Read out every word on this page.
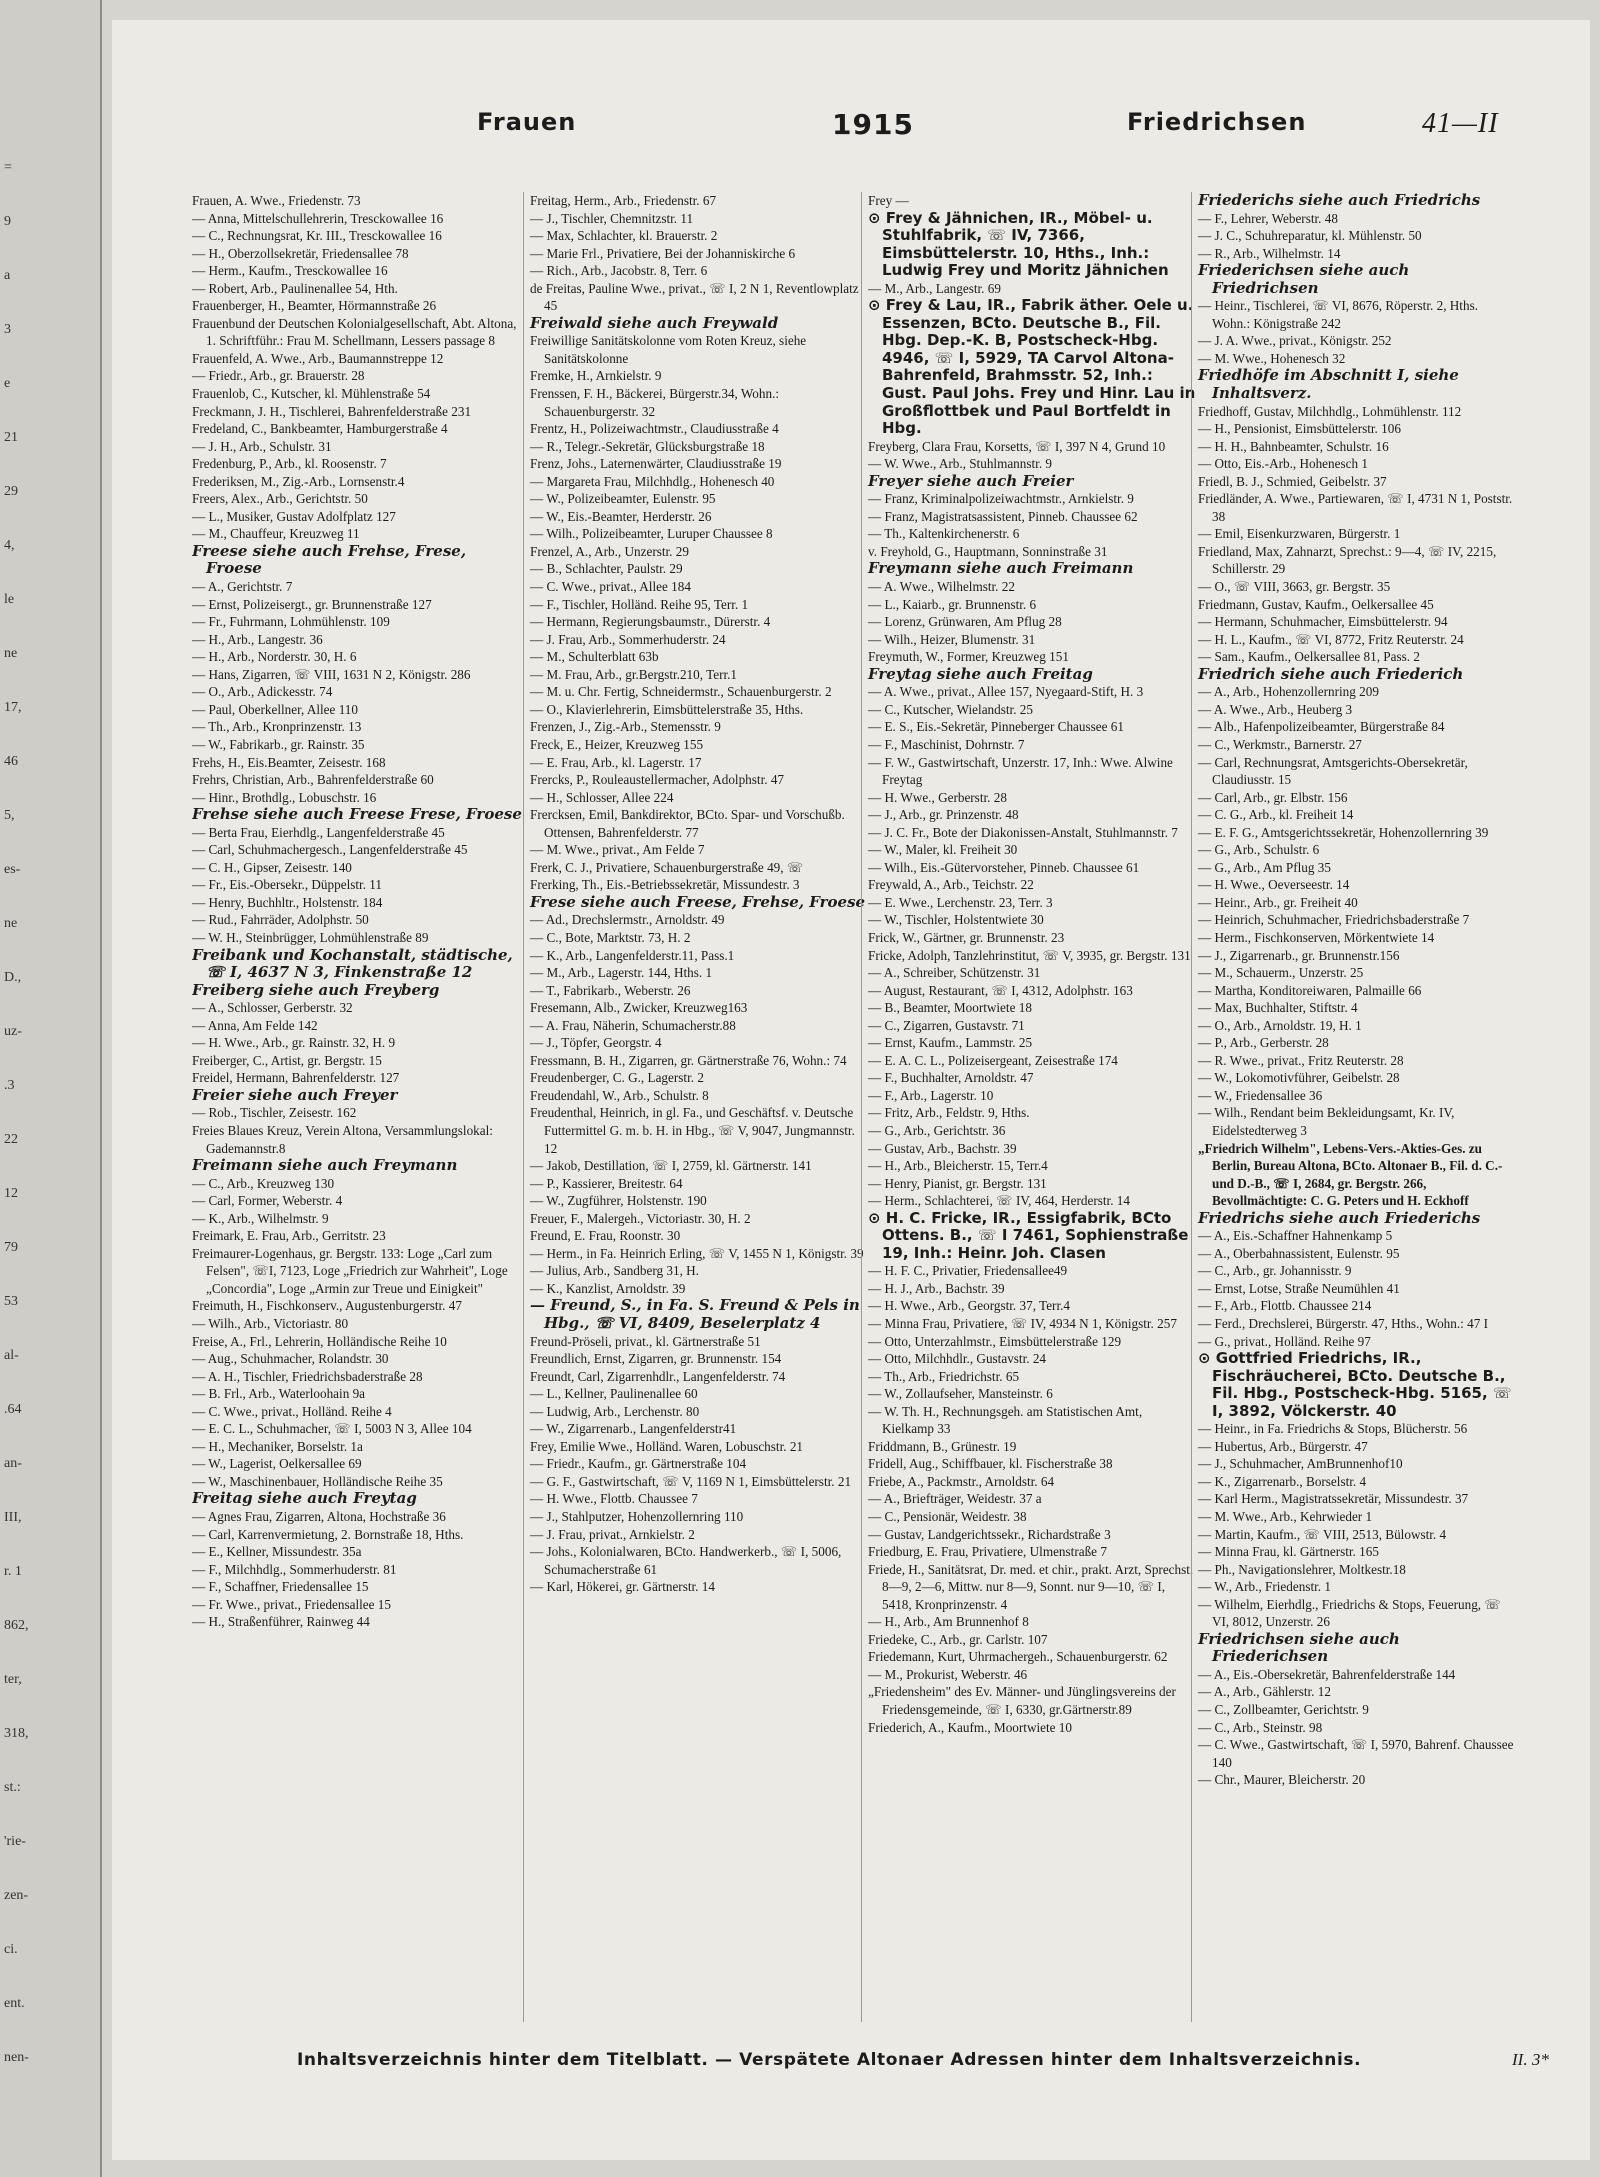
=
9
a
3
e
21
29
4,
le
ne
17,
46
5,
es-
ne
D.,
uz-
.3
22
12
79
53
al-
.64
an-
III,
r. 1
862,
ter,
318,
st.:
'rie-
zen-
ci.
ent.
nen-
Frauen	1915	Friedrichsen	41—II

Frauen, A. Wwe., Friedenstr. 73

— Anna, Mittelschullehrerin, Tresckowallee 16

— C., Rechnungsrat, Kr. III., Tresckowallee 16

— H., Oberzollsekretär, Friedensallee 78

— Herm., Kaufm., Tresckowallee 16

— Robert, Arb., Paulinenallee 54, Hth.

Frauenberger, H., Beamter, Hörmannstraße 26

Frauenbund der Deutschen Kolonialgesellschaft, Abt. Altona, 1. Schriftführ.: Frau M. Schellmann, Lessers passage 8

Frauenfeld, A. Wwe., Arb., Baumannstreppe 12

— Friedr., Arb., gr. Brauerstr. 28

Frauenlob, C., Kutscher, kl. Mühlenstraße 54

Freckmann, J. H., Tischlerei, Bahrenfelderstraße 231

Fredeland, C., Bankbeamter, Hamburgerstraße 4

— J. H., Arb., Schulstr. 31

Fredenburg, P., Arb., kl. Roosenstr. 7

Frederiksen, M., Zig.-Arb., Lornsenstr.4

Freers, Alex., Arb., Gerichtstr. 50

— L., Musiker, Gustav Adolfplatz 127

— M., Chauffeur, Kreuzweg 11

Freese siehe auch Frehse, Frese, Froese

— A., Gerichtstr. 7

— Ernst, Polizeisergt., gr. Brunnenstraße 127

— Fr., Fuhrmann, Lohmühlenstr. 109

— H., Arb., Langestr. 36

— H., Arb., Norderstr. 30, H. 6

— Hans, Zigarren, ☏ VIII, 1631 N 2, Königstr. 286

— O., Arb., Adickesstr. 74

— Paul, Oberkellner, Allee 110

— Th., Arb., Kronprinzenstr. 13

— W., Fabrikarb., gr. Rainstr. 35

Frehs, H., Eis.Beamter, Zeisestr. 168

Frehrs, Christian, Arb., Bahrenfelderstraße 60

— Hinr., Brothdlg., Lobuschstr. 16

Frehse siehe auch Freese Frese, Froese

— Berta Frau, Eierhdlg., Langenfelderstraße 45

— Carl, Schuhmachergesch., Langenfelderstraße 45

— C. H., Gipser, Zeisestr. 140

— Fr., Eis.-Obersekr., Düppelstr. 11

— Henry, Buchhltr., Holstenstr. 184

— Rud., Fahrräder, Adolphstr. 50

— W. H., Steinbrügger, Lohmühlenstraße 89

Freibank und Kochanstalt, städtische, ☏ I, 4637 N 3, Finkenstraße 12

Freiberg siehe auch Freyberg

— A., Schlosser, Gerberstr. 32

— Anna, Am Felde 142

— H. Wwe., Arb., gr. Rainstr. 32, H. 9

Freiberger, C., Artist, gr. Bergstr. 15

Freidel, Hermann, Bahrenfelderstr. 127

Freier siehe auch Freyer

— Rob., Tischler, Zeisestr. 162

Freies Blaues Kreuz, Verein Altona, Versammlungslokal: Gademannstr.8

Freimann siehe auch Freymann

— C., Arb., Kreuzweg 130

— Carl, Former, Weberstr. 4

— K., Arb., Wilhelmstr. 9

Freimark, E. Frau, Arb., Gerritstr. 23

Freimaurer-Logenhaus, gr. Bergstr. 133: Loge „Carl zum Felsen", ☏I, 7123, Loge „Friedrich zur Wahrheit", Loge „Concordia", Loge „Armin zur Treue und Einigkeit"

Freimuth, H., Fischkonserv., Augustenburgerstr. 47

— Wilh., Arb., Victoriastr. 80

Freise, A., Frl., Lehrerin, Holländische Reihe 10

— Aug., Schuhmacher, Rolandstr. 30

— A. H., Tischler, Friedrichsbaderstraße 28

— B. Frl., Arb., Waterloohain 9a

— C. Wwe., privat., Holländ. Reihe 4

— E. C. L., Schuhmacher, ☏ I, 5003 N 3, Allee 104

— H., Mechaniker, Borselstr. 1a

— W., Lagerist, Oelkersallee 69

— W., Maschinenbauer, Holländische Reihe 35

Freitag siehe auch Freytag

— Agnes Frau, Zigarren, Altona, Hochstraße 36

— Carl, Karrenvermietung, 2. Bornstraße 18, Hths.

— E., Kellner, Missundestr. 35a

— F., Milchhdlg., Sommerhuderstr. 81

— F., Schaffner, Friedensallee 15

— Fr. Wwe., privat., Friedensallee 15

— H., Straßenführer, Rainweg 44

Freitag, Herm., Arb., Friedenstr. 67

— J., Tischler, Chemnitzstr. 11

— Max, Schlachter, kl. Brauerstr. 2

— Marie Frl., Privatiere, Bei der Johanniskirche 6

— Rich., Arb., Jacobstr. 8, Terr. 6

de Freitas, Pauline Wwe., privat., ☏ I, 2 N 1, Reventlowplatz 45

Freiwald siehe auch Freywald

Freiwillige Sanitätskolonne vom Roten Kreuz, siehe Sanitätskolonne

Fremke, H., Arnkielstr. 9

Frenssen, F. H., Bäckerei, Bürgerstr.34, Wohn.: Schauenburgerstr. 32

Frentz, H., Polizeiwachtmstr., Claudiusstraße 4

— R., Telegr.-Sekretär, Glücksburgstraße 18

Frenz, Johs., Laternenwärter, Claudiusstraße 19

— Margareta Frau, Milchhdlg., Hohenesch 40

— W., Polizeibeamter, Eulenstr. 95

— W., Eis.-Beamter, Herderstr. 26

— Wilh., Polizeibeamter, Luruper Chaussee 8

Frenzel, A., Arb., Unzerstr. 29

— B., Schlachter, Paulstr. 29

— C. Wwe., privat., Allee 184

— F., Tischler, Holländ. Reihe 95, Terr. 1

— Hermann, Regierungsbaumstr., Dürerstr. 4

— J. Frau, Arb., Sommerhuderstr. 24

— M., Schulterblatt 63b

— M. Frau, Arb., gr.Bergstr.210, Terr.1

— M. u. Chr. Fertig, Schneidermstr., Schauenburgerstr. 2

— O., Klavierlehrerin, Eimsbüttelerstraße 35, Hths.

Frenzen, J., Zig.-Arb., Stemensstr. 9

Freck, E., Heizer, Kreuzweg 155

— E. Frau, Arb., kl. Lagerstr. 17

Frercks, P., Rouleaustellermacher, Adolphstr. 47

— H., Schlosser, Allee 224

Frercksen, Emil, Bankdirektor, BCto. Spar- und Vorschußb. Ottensen, Bahrenfelderstr. 77

— M. Wwe., privat., Am Felde 7

Frerk, C. J., Privatiere, Schauenburgerstraße 49, ☏

Frerking, Th., Eis.-Betriebssekretär, Missundestr. 3

Frese siehe auch Freese, Frehse, Froese

— Ad., Drechslermstr., Arnoldstr. 49

— C., Bote, Marktstr. 73, H. 2

— K., Arb., Langenfelderstr.11, Pass.1

— M., Arb., Lagerstr. 144, Hths. 1

— T., Fabrikarb., Weberstr. 26

Fresemann, Alb., Zwicker, Kreuzweg163

— A. Frau, Näherin, Schumacherstr.88

— J., Töpfer, Georgstr. 4

Fressmann, B. H., Zigarren, gr. Gärtnerstraße 76, Wohn.: 74

Freudenberger, C. G., Lagerstr. 2

Freudendahl, W., Arb., Schulstr. 8

Freudenthal, Heinrich, in gl. Fa., und Geschäftsf. v. Deutsche Futtermittel G. m. b. H. in Hbg., ☏ V, 9047, Jungmannstr. 12

— Jakob, Destillation, ☏ I, 2759, kl. Gärtnerstr. 141

— P., Kassierer, Breitestr. 64

— W., Zugführer, Holstenstr. 190

Freuer, F., Malergeh., Victoriastr. 30, H. 2

Freund, E. Frau, Roonstr. 30

— Herm., in Fa. Heinrich Erling, ☏ V, 1455 N 1, Königstr. 39

— Julius, Arb., Sandberg 31, H.

— K., Kanzlist, Arnoldstr. 39

— Freund, S., in Fa. S. Freund & Pels in Hbg., ☏ VI, 8409, Beselerplatz 4

Freund-Pröseli, privat., kl. Gärtnerstraße 51

Freundlich, Ernst, Zigarren, gr. Brunnenstr. 154

Freundt, Carl, Zigarrenhdlr., Langenfelderstr. 74

— L., Kellner, Paulinenallee 60

— Ludwig, Arb., Lerchenstr. 80

— W., Zigarrenarb., Langenfelderstr41

Frey, Emilie Wwe., Holländ. Waren, Lobuschstr. 21

— Friedr., Kaufm., gr. Gärtnerstraße 104

— G. F., Gastwirtschaft, ☏ V, 1169 N 1, Eimsbüttelerstr. 21

— H. Wwe., Flottb. Chaussee 7

— J., Stahlputzer, Hohenzollernring 110

— J. Frau, privat., Arnkielstr. 2

— Johs., Kolonialwaren, BCto. Handwerkerb., ☏ I, 5006, Schumacherstraße 61

— Karl, Hökerei, gr. Gärtnerstr. 14

Frey —

⊙ Frey & Jähnichen, IR., Möbel- u. Stuhlfabrik, ☏ IV, 7366, Eimsbüttelerstr. 10, Hths., Inh.: Ludwig Frey und Moritz Jähnichen

— M., Arb., Langestr. 69

⊙ Frey & Lau, IR., Fabrik äther. Oele u. Essenzen, BCto. Deutsche B., Fil. Hbg. Dep.-K. B, Postscheck-Hbg. 4946, ☏ I, 5929, TA Carvol Altona-Bahrenfeld, Brahmsstr. 52, Inh.: Gust. Paul Johs. Frey und Hinr. Lau in Großflottbek und Paul Bortfeldt in Hbg.

Freyberg, Clara Frau, Korsetts, ☏ I, 397 N 4, Grund 10

— W. Wwe., Arb., Stuhlmannstr. 9

Freyer siehe auch Freier

— Franz, Kriminalpolizeiwachtmstr., Arnkielstr. 9

— Franz, Magistratsassistent, Pinneb. Chaussee 62

— Th., Kaltenkirchenerstr. 6

v. Freyhold, G., Hauptmann, Sonninstraße 31

Freymann siehe auch Freimann

— A. Wwe., Wilhelmstr. 22

— L., Kaiarb., gr. Brunnenstr. 6

— Lorenz, Grünwaren, Am Pflug 28

— Wilh., Heizer, Blumenstr. 31

Freymuth, W., Former, Kreuzweg 151

Freytag siehe auch Freitag

— A. Wwe., privat., Allee 157, Nyegaard-Stift, H. 3

— C., Kutscher, Wielandstr. 25

— E. S., Eis.-Sekretär, Pinneberger Chaussee 61

— F., Maschinist, Dohrnstr. 7

— F. W., Gastwirtschaft, Unzerstr. 17, Inh.: Wwe. Alwine Freytag

— H. Wwe., Gerberstr. 28

— J., Arb., gr. Prinzenstr. 48

— J. C. Fr., Bote der Diakonissen-Anstalt, Stuhlmannstr. 7

— W., Maler, kl. Freiheit 30

— Wilh., Eis.-Gütervorsteher, Pinneb. Chaussee 61

Freywald, A., Arb., Teichstr. 22

— E. Wwe., Lerchenstr. 23, Terr. 3

— W., Tischler, Holstentwiete 30

Frick, W., Gärtner, gr. Brunnenstr. 23

Fricke, Adolph, Tanzlehrinstitut, ☏ V, 3935, gr. Bergstr. 131

— A., Schreiber, Schützenstr. 31

— August, Restaurant, ☏ I, 4312, Adolphstr. 163

— B., Beamter, Moortwiete 18

— C., Zigarren, Gustavstr. 71

— Ernst, Kaufm., Lammstr. 25

— E. A. C. L., Polizeisergeant, Zeisestraße 174

— F., Buchhalter, Arnoldstr. 47

— F., Arb., Lagerstr. 10

— Fritz, Arb., Feldstr. 9, Hths.

— G., Arb., Gerichtstr. 36

— Gustav, Arb., Bachstr. 39

— H., Arb., Bleicherstr. 15, Terr.4

— Henry, Pianist, gr. Bergstr. 131

— Herm., Schlachterei, ☏ IV, 464, Herderstr. 14

⊙ H. C. Fricke, IR., Essigfabrik, BCto Ottens. B., ☏ I 7461, Sophienstraße 19, Inh.: Heinr. Joh. Clasen

— H. F. C., Privatier, Friedensallee49

— H. J., Arb., Bachstr. 39

— H. Wwe., Arb., Georgstr. 37, Terr.4

— Minna Frau, Privatiere, ☏ IV, 4934 N 1, Königstr. 257

— Otto, Unterzahlmstr., Eimsbüttelerstraße 129

— Otto, Milchhdlr., Gustavstr. 24

— Th., Arb., Friedrichstr. 65

— W., Zollaufseher, Mansteinstr. 6

— W. Th. H., Rechnungsgeh. am Statistischen Amt, Kielkamp 33

Friddmann, B., Grünestr. 19

Fridell, Aug., Schiffbauer, kl. Fischerstraße 38

Friebe, A., Packmstr., Arnoldstr. 64

— A., Briefträger, Weidestr. 37 a

— C., Pensionär, Weidestr. 38

— Gustav, Landgerichtssekr., Richardstraße 3

Friedburg, E. Frau, Privatiere, Ulmenstraße 7

Friede, H., Sanitätsrat, Dr. med. et chir., prakt. Arzt, Sprechst. 8—9, 2—6, Mittw. nur 8—9, Sonnt. nur 9—10, ☏ I, 5418, Kronprinzenstr. 4

— H., Arb., Am Brunnenhof 8

Friedeke, C., Arb., gr. Carlstr. 107

Friedemann, Kurt, Uhrmachergeh., Schauenburgerstr. 62

— M., Prokurist, Weberstr. 46

„Friedensheim" des Ev. Männer- und Jünglingsvereins der Friedensgemeinde, ☏ I, 6330, gr.Gärtnerstr.89

Friederich, A., Kaufm., Moortwiete 10

Friederichs siehe auch Friedrichs

— F., Lehrer, Weberstr. 48

— J. C., Schuhreparatur, kl. Mühlenstr. 50

— R., Arb., Wilhelmstr. 14

Friederichsen siehe auch Friedrichsen

— Heinr., Tischlerei, ☏ VI, 8676, Röperstr. 2, Hths. Wohn.: Königstraße 242

— J. A. Wwe., privat., Königstr. 252

— M. Wwe., Hohenesch 32

Friedhöfe im Abschnitt I, siehe Inhaltsverz.

Friedhoff, Gustav, Milchhdlg., Lohmühlenstr. 112

— H., Pensionist, Eimsbüttelerstr. 106

— H. H., Bahnbeamter, Schulstr. 16

— Otto, Eis.-Arb., Hohenesch 1

Friedl, B. J., Schmied, Geibelstr. 37

Friedländer, A. Wwe., Partiewaren, ☏ I, 4731 N 1, Poststr. 38

— Emil, Eisenkurzwaren, Bürgerstr. 1

Friedland, Max, Zahnarzt, Sprechst.: 9—4, ☏ IV, 2215, Schillerstr. 29

— O., ☏ VIII, 3663, gr. Bergstr. 35

Friedmann, Gustav, Kaufm., Oelkersallee 45

— Hermann, Schuhmacher, Eimsbüttelerstr. 94

— H. L., Kaufm., ☏ VI, 8772, Fritz Reuterstr. 24

— Sam., Kaufm., Oelkersallee 81, Pass. 2

Friedrich siehe auch Friederich

— A., Arb., Hohenzollernring 209

— A. Wwe., Arb., Heuberg 3

— Alb., Hafenpolizeibeamter, Bürgerstraße 84

— C., Werkmstr., Barnerstr. 27

— Carl, Rechnungsrat, Amtsgerichts-Obersekretär, Claudiusstr. 15

— Carl, Arb., gr. Elbstr. 156

— C. G., Arb., kl. Freiheit 14

— E. F. G., Amtsgerichtssekretär, Hohenzollernring 39

— G., Arb., Schulstr. 6

— G., Arb., Am Pflug 35

— H. Wwe., Oeverseestr. 14

— Heinr., Arb., gr. Freiheit 40

— Heinrich, Schuhmacher, Friedrichsbaderstraße 7

— Herm., Fischkonserven, Mörkentwiete 14

— J., Zigarrenarb., gr. Brunnenstr.156

— M., Schauerm., Unzerstr. 25

— Martha, Konditoreiwaren, Palmaille 66

— Max, Buchhalter, Stiftstr. 4

— O., Arb., Arnoldstr. 19, H. 1

— P., Arb., Gerberstr. 28

— R. Wwe., privat., Fritz Reuterstr. 28

— W., Lokomotivführer, Geibelstr. 28

— W., Friedensallee 36

— Wilh., Rendant beim Bekleidungsamt, Kr. IV, Eidelstedterweg 3

„Friedrich Wilhelm", Lebens-Vers.-Akties-Ges. zu Berlin, Bureau Altona, BCto. Altonaer B., Fil. d. C.- und D.-B., ☏ I, 2684, gr. Bergstr. 266, Bevollmächtigte: C. G. Peters und H. Eckhoff

Friedrichs siehe auch Friederichs

— A., Eis.-Schaffner Hahnenkamp 5

— A., Oberbahnassistent, Eulenstr. 95

— C., Arb., gr. Johannisstr. 9

— Ernst, Lotse, Straße Neumühlen 41

— F., Arb., Flottb. Chaussee 214

— Ferd., Drechslerei, Bürgerstr. 47, Hths., Wohn.: 47 I

— G., privat., Holländ. Reihe 97

⊙ Gottfried Friedrichs, IR., Fischräucherei, BCto. Deutsche B., Fil. Hbg., Postscheck-Hbg. 5165, ☏ I, 3892, Völckerstr. 40

— Heinr., in Fa. Friedrichs & Stops, Blücherstr. 56

— Hubertus, Arb., Bürgerstr. 47

— J., Schuhmacher, AmBrunnenhof10

— K., Zigarrenarb., Borselstr. 4

— Karl Herm., Magistratssekretär, Missundestr. 37

— M. Wwe., Arb., Kehrwieder 1

— Martin, Kaufm., ☏ VIII, 2513, Bülowstr. 4

— Minna Frau, kl. Gärtnerstr. 165

— Ph., Navigationslehrer, Moltkestr.18

— W., Arb., Friedenstr. 1

— Wilhelm, Eierhdlg., Friedrichs & Stops, Feuerung, ☏ VI, 8012, Unzerstr. 26

Friedrichsen siehe auch Friederichsen

— A., Eis.-Obersekretär, Bahrenfelderstraße 144

— A., Arb., Gählerstr. 12

— C., Zollbeamter, Gerichtstr. 9

— C., Arb., Steinstr. 98

— C. Wwe., Gastwirtschaft, ☏ I, 5970, Bahrenf. Chaussee 140

— Chr., Maurer, Bleicherstr. 20

Inhaltsverzeichnis hinter dem Titelblatt. — Verspätete Altonaer Adressen hinter dem Inhaltsverzeichnis.	II. 3*
